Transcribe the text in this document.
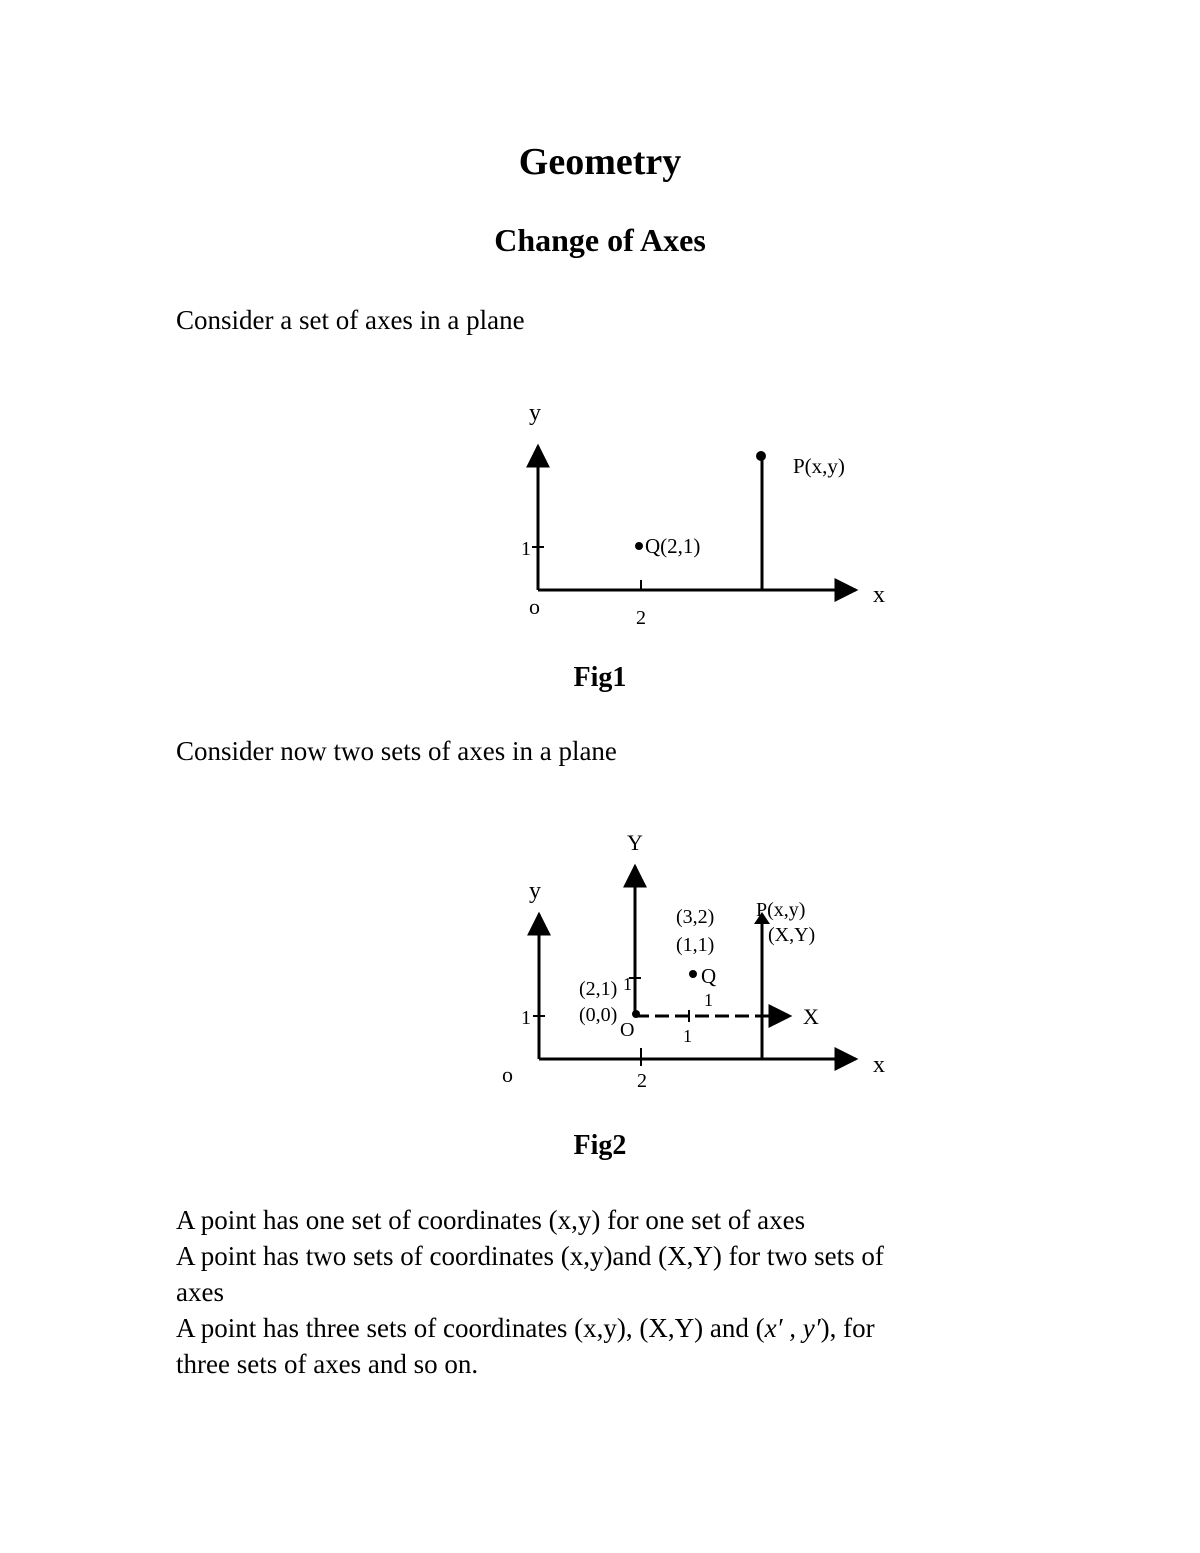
Geometry
Change of Axes

Consider a set of axes in a plane

y
x
o
1
2
Q(2,1)
P(x,y)
Fig1

Consider now two sets of axes in a plane

y
Y
x
X
o
O
1
2
1
1
1
(2,1)
(0,0)
(3,2)
(1,1)
Q
P(x,y)
(X,Y)
Fig2

A point has one set of coordinates (x,y) for one set of axes
A point has two sets of coordinates (x,y)and (X,Y) for two sets of
axes
A point has three sets of coordinates (x,y), (X,Y) and (x′ , y′), for
three sets of axes and so on.
